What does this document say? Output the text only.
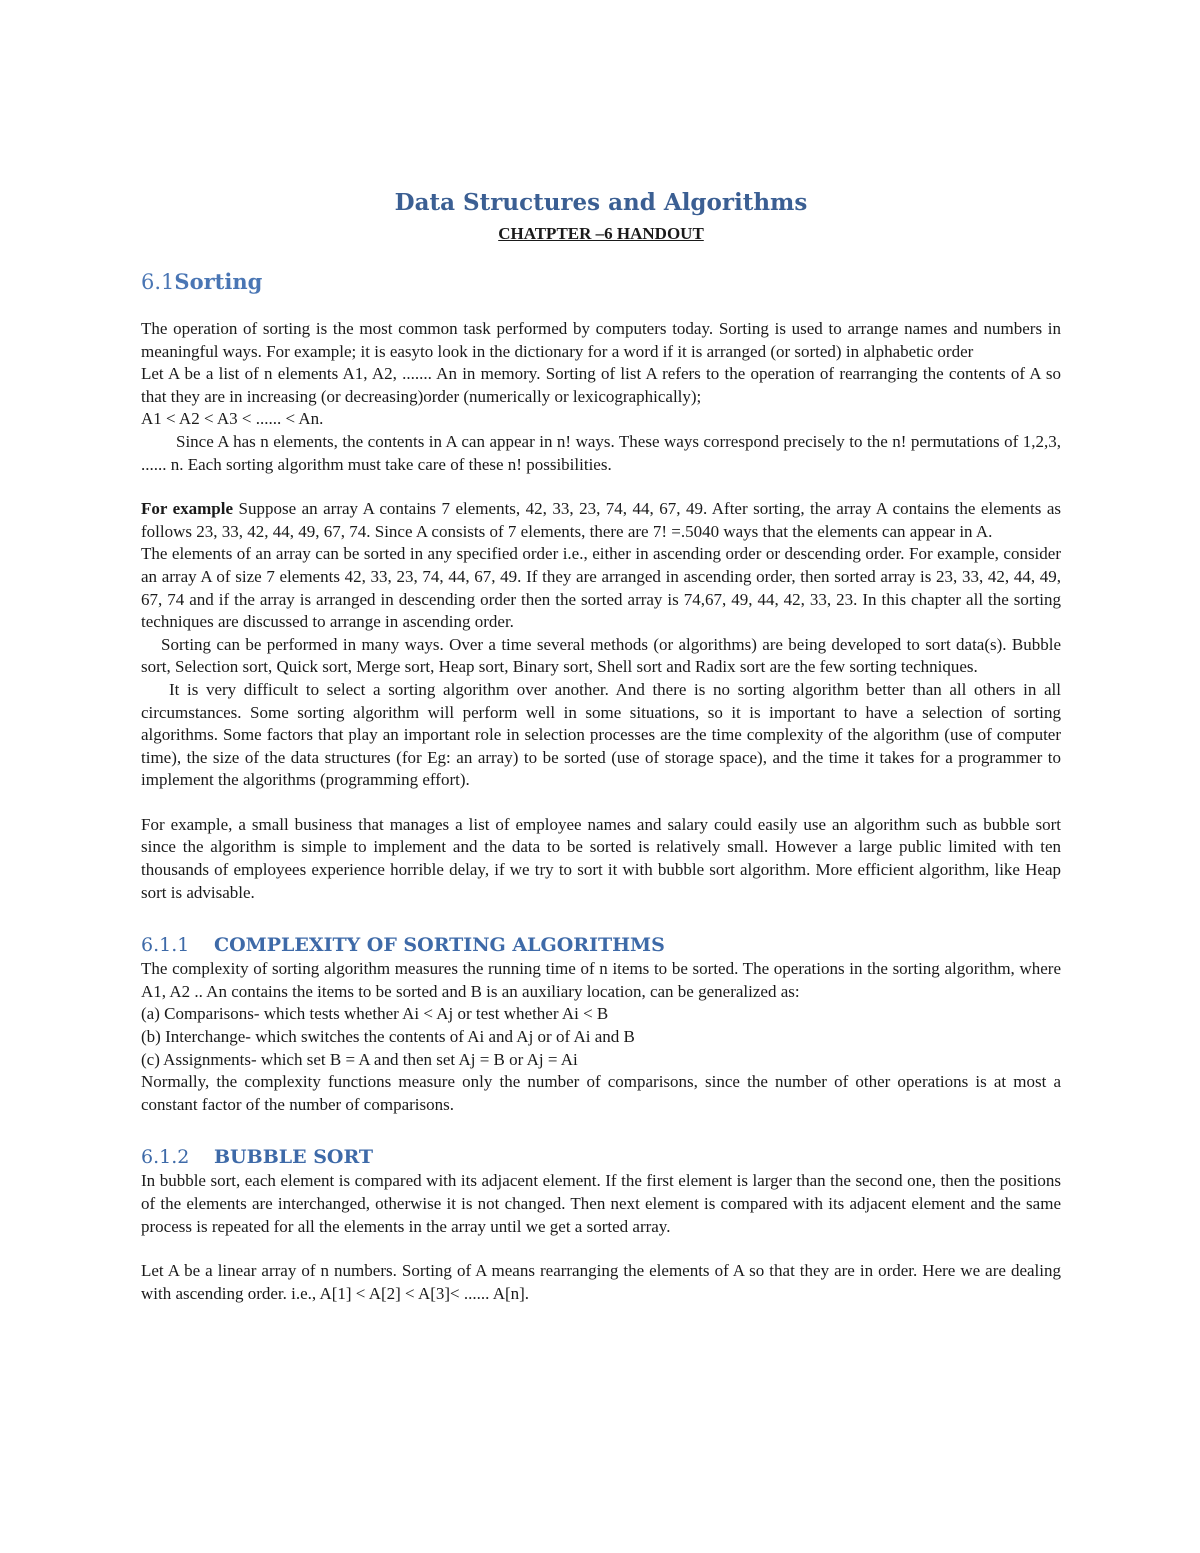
Data Structures and Algorithms
CHATPTER –6 HANDOUT
6.1Sorting

The operation of sorting is the most common task performed by computers today. Sorting is used to arrange names and numbers in meaningful ways. For example; it is easyto look in the dictionary for a word if it is arranged (or sorted) in alphabetic order

Let A be a list of n elements A1, A2, ....... An in memory. Sorting of list A refers to the operation of rearranging the contents of A so that they are in increasing (or decreasing)order (numerically or lexicographically);

A1 < A2 < A3 < ...... < An.

Since A has n elements, the contents in A can appear in n! ways. These ways correspond precisely to the n! permutations of 1,2,3, ...... n. Each sorting algorithm must take care of these n! possibilities.

For example Suppose an array A contains 7 elements, 42, 33, 23, 74, 44, 67, 49. After sorting, the array A contains the elements as follows 23, 33, 42, 44, 49, 67, 74. Since A consists of 7 elements, there are 7! =.5040 ways that the elements can appear in A.

The elements of an array can be sorted in any specified order i.e., either in ascending order or descending order. For example, consider an array A of size 7 elements 42, 33, 23, 74, 44, 67, 49. If they are arranged in ascending order, then sorted array is 23, 33, 42, 44, 49, 67, 74 and if the array is arranged in descending order then the sorted array is 74,67, 49, 44, 42, 33, 23. In this chapter all the sorting techniques are discussed to arrange in ascending order.

Sorting can be performed in many ways. Over a time several methods (or algorithms) are being developed to sort data(s). Bubble sort, Selection sort, Quick sort, Merge sort, Heap sort, Binary sort, Shell sort and Radix sort are the few sorting techniques.

It is very difficult to select a sorting algorithm over another. And there is no sorting algorithm better than all others in all circumstances. Some sorting algorithm will perform well in some situations, so it is important to have a selection of sorting algorithms. Some factors that play an important role in selection processes are the time complexity of the algorithm (use of computer time), the size of the data structures (for Eg: an array) to be sorted (use of storage space), and the time it takes for a programmer to implement the algorithms (programming effort).

For example, a small business that manages a list of employee names and salary could easily use an algorithm such as bubble sort since the algorithm is simple to implement and the data to be sorted is relatively small. However a large public limited with ten thousands of employees experience horrible delay, if we try to sort it with bubble sort algorithm. More efficient algorithm, like Heap sort is advisable.

6.1.1 COMPLEXITY OF SORTING ALGORITHMS

The complexity of sorting algorithm measures the running time of n items to be sorted. The operations in the sorting algorithm, where A1, A2 .. An contains the items to be sorted and B is an auxiliary location, can be generalized as:

(a) Comparisons- which tests whether Ai < Aj or test whether Ai < B

(b) Interchange- which switches the contents of Ai and Aj or of Ai and B

(c) Assignments- which set B = A and then set Aj = B or Aj = Ai

Normally, the complexity functions measure only the number of comparisons, since the number of other operations is at most a constant factor of the number of comparisons.

6.1.2 BUBBLE SORT

In bubble sort, each element is compared with its adjacent element. If the first element is larger than the second one, then the positions of the elements are interchanged, otherwise it is not changed. Then next element is compared with its adjacent element and the same process is repeated for all the elements in the array until we get a sorted array.

Let A be a linear array of n numbers. Sorting of A means rearranging the elements of A so that they are in order. Here we are dealing with ascending order. i.e., A[1] < A[2] < A[3]< ...... A[n].
